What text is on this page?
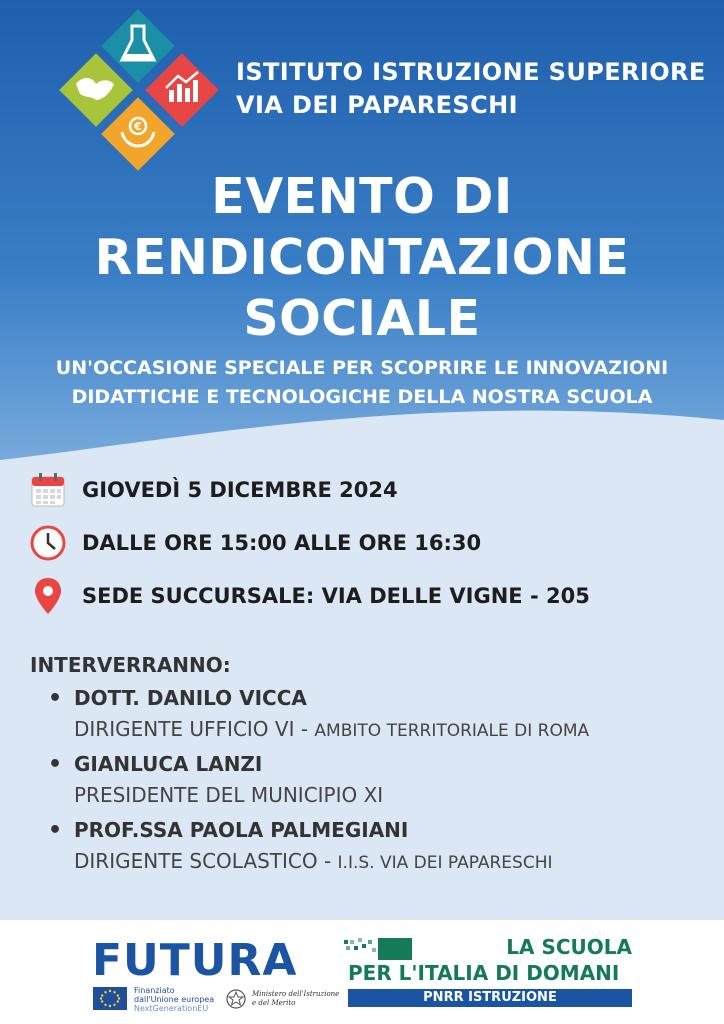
€
ISTITUTO ISTRUZIONE SUPERIORE
VIA DEI PAPARESCHI
EVENTO DI
RENDICONTAZIONE
SOCIALE
UN'OCCASIONE SPECIALE PER SCOPRIRE LE INNOVAZIONI
DIDATTICHE E TECNOLOGICHE DELLA NOSTRA SCUOLA
GIOVEDÌ 5 DICEMBRE 2024
DALLE ORE 15:00 ALLE ORE 16:30
SEDE SUCCURSALE: VIA DELLE VIGNE - 205
INTERVERRANNO:
• DOTT. DANILO VICCA
DIRIGENTE UFFICIO VI - AMBITO TERRITORIALE DI ROMA
• GIANLUCA LANZI
PRESIDENTE DEL MUNICIPIO XI
• PROF.SSA PAOLA PALMEGIANI
DIRIGENTE SCOLASTICO - I.I.S. VIA DEI PAPARESCHI
FUTURA
Finanziato
dall'Unione europea
NextGenerationEU
Ministero dell'Istruzione
e del Merito
LA SCUOLA
PER L'ITALIA DI DOMANI
PNRR ISTRUZIONE
